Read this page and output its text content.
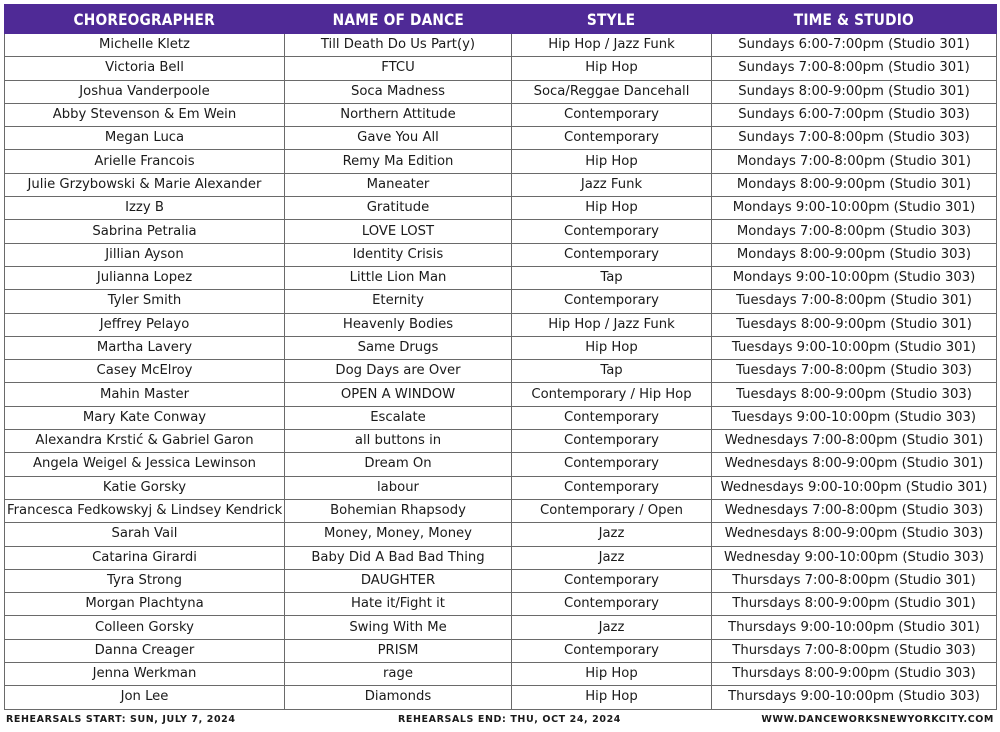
CHOREOGRAPHER	NAME OF DANCE	STYLE	TIME & STUDIO
Michelle Kletz	Till Death Do Us Part(y)	Hip Hop / Jazz Funk	Sundays 6:00-7:00pm (Studio 301)
Victoria Bell	FTCU	Hip Hop	Sundays 7:00-8:00pm (Studio 301)
Joshua Vanderpoole	Soca Madness	Soca/Reggae Dancehall	Sundays 8:00-9:00pm (Studio 301)
Abby Stevenson & Em Wein	Northern Attitude	Contemporary	Sundays 6:00-7:00pm (Studio 303)
Megan Luca	Gave You All	Contemporary	Sundays 7:00-8:00pm (Studio 303)
Arielle Francois	Remy Ma Edition	Hip Hop	Mondays 7:00-8:00pm (Studio 301)
Julie Grzybowski & Marie Alexander	Maneater	Jazz Funk	Mondays 8:00-9:00pm (Studio 301)
Izzy B	Gratitude	Hip Hop	Mondays 9:00-10:00pm (Studio 301)
Sabrina Petralia	LOVE LOST	Contemporary	Mondays 7:00-8:00pm (Studio 303)
Jillian Ayson	Identity Crisis	Contemporary	Mondays 8:00-9:00pm (Studio 303)
Julianna Lopez	Little Lion Man	Tap	Mondays 9:00-10:00pm (Studio 303)
Tyler Smith	Eternity	Contemporary	Tuesdays 7:00-8:00pm (Studio 301)
Jeffrey Pelayo	Heavenly Bodies	Hip Hop / Jazz Funk	Tuesdays 8:00-9:00pm (Studio 301)
Martha Lavery	Same Drugs	Hip Hop	Tuesdays 9:00-10:00pm (Studio 301)
Casey McElroy	Dog Days are Over	Tap	Tuesdays 7:00-8:00pm (Studio 303)
Mahin Master	OPEN A WINDOW	Contemporary / Hip Hop	Tuesdays 8:00-9:00pm (Studio 303)
Mary Kate Conway	Escalate	Contemporary	Tuesdays 9:00-10:00pm (Studio 303)
Alexandra Krstić & Gabriel Garon	all buttons in	Contemporary	Wednesdays 7:00-8:00pm (Studio 301)
Angela Weigel & Jessica Lewinson	Dream On	Contemporary	Wednesdays 8:00-9:00pm (Studio 301)
Katie Gorsky	labour	Contemporary	Wednesdays 9:00-10:00pm (Studio 301)
Francesca Fedkowskyj & Lindsey Kendrick	Bohemian Rhapsody	Contemporary / Open	Wednesdays 7:00-8:00pm (Studio 303)
Sarah Vail	Money, Money, Money	Jazz	Wednesdays 8:00-9:00pm (Studio 303)
Catarina Girardi	Baby Did A Bad Bad Thing	Jazz	Wednesday 9:00-10:00pm (Studio 303)
Tyra Strong	DAUGHTER	Contemporary	Thursdays 7:00-8:00pm (Studio 301)
Morgan Plachtyna	Hate it/Fight it	Contemporary	Thursdays 8:00-9:00pm (Studio 301)
Colleen Gorsky	Swing With Me	Jazz	Thursdays 9:00-10:00pm (Studio 301)
Danna Creager	PRISM	Contemporary	Thursdays 7:00-8:00pm (Studio 303)
Jenna Werkman	rage	Hip Hop	Thursdays 8:00-9:00pm (Studio 303)
Jon Lee	Diamonds	Hip Hop	Thursdays 9:00-10:00pm (Studio 303)
REHEARSALS START: SUN, JULY 7, 2024	REHEARSALS END: THU, OCT 24, 2024	WWW.DANCEWORKSNEWYORKCITY.COM
